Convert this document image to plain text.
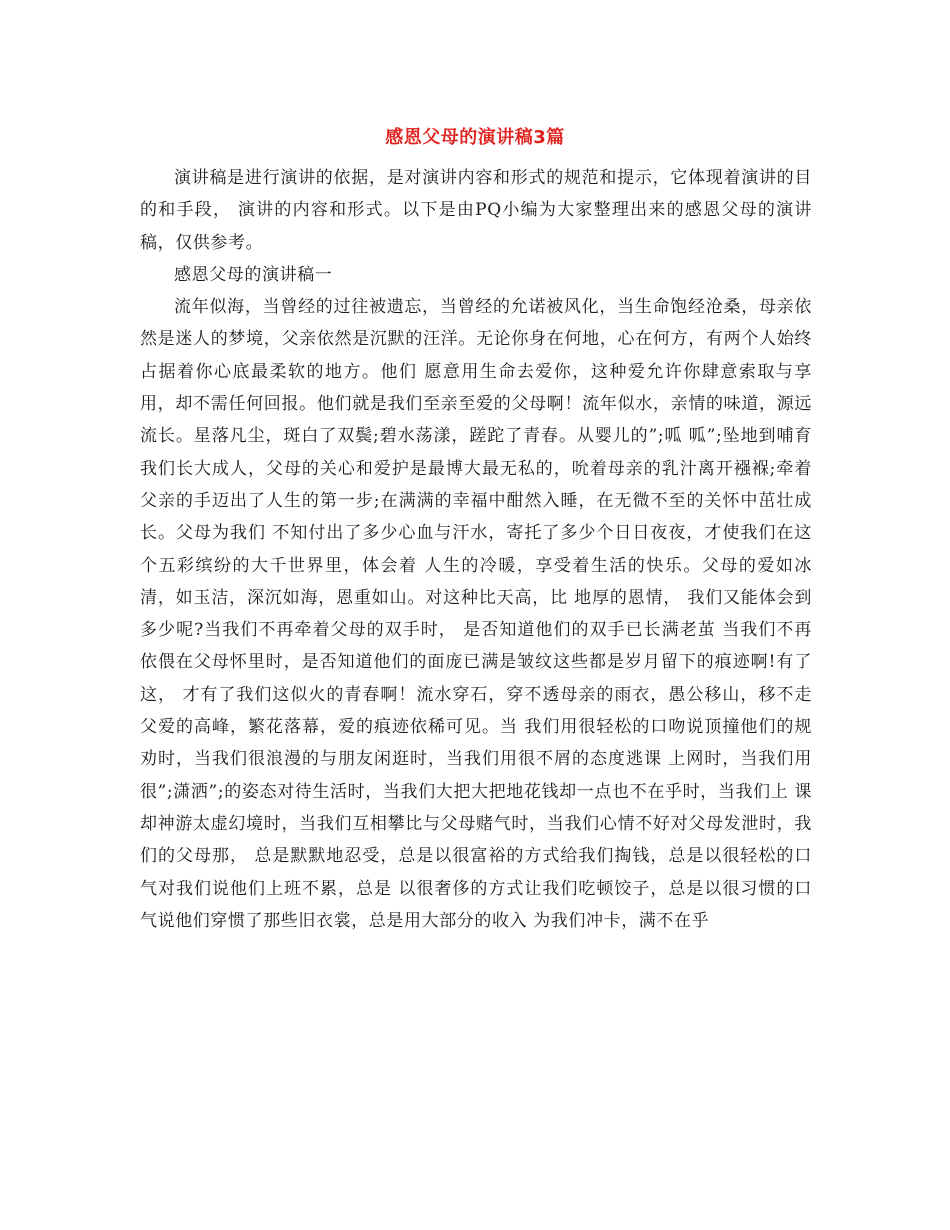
感恩父母的演讲稿3篇

演讲稿是进行演讲的依据，是对演讲内容和形式的规范和提示，它体现着演讲的目的和手段， 演讲的内容和形式。以下是由PQ小编为大家整理出来的感恩父母的演讲稿，仅供参考。

感恩父母的演讲稿一

流年似海，当曾经的过往被遗忘，当曾经的允诺被风化，当生命饱经沧桑，母亲依然是迷人的梦境，父亲依然是沉默的汪洋。无论你身在何地，心在何方，有两个人始终占据着你心底最柔软的地方。他们 愿意用生命去爱你，这种爱允许你肆意索取与享用，却不需任何回报。他们就是我们至亲至爱的父母啊！流年似水，亲情的味道，源远流长。星落凡尘，斑白了双鬓;碧水荡漾，蹉跎了青春。从婴儿的”;呱 呱”;坠地到哺育我们长大成人，父母的关心和爱护是最博大最无私的，吮着母亲的乳汁离开襁褓;牵着 父亲的手迈出了人生的第一步;在满满的幸福中酣然入睡，在无微不至的关怀中茁壮成长。父母为我们 不知付出了多少心血与汗水，寄托了多少个日日夜夜，才使我们在这个五彩缤纷的大千世界里，体会着 人生的冷暖，享受着生活的快乐。父母的爱如冰清，如玉洁，深沉如海，恩重如山。对这种比天高，比 地厚的恩情， 我们又能体会到多少呢?当我们不再牵着父母的双手时， 是否知道他们的双手已长满老茧 当我们不再依偎在父母怀里时，是否知道他们的面庞已满是皱纹这些都是岁月留下的痕迹啊!有了这， 才有了我们这似火的青春啊！流水穿石，穿不透母亲的雨衣，愚公移山，移不走父爱的高峰，繁花落幕，爱的痕迹依稀可见。当 我们用很轻松的口吻说顶撞他们的规劝时，当我们很浪漫的与朋友闲逛时，当我们用很不屑的态度逃课 上网时，当我们用很”;潇洒”;的姿态对待生活时，当我们大把大把地花钱却一点也不在乎时，当我们上 课却神游太虚幻境时，当我们互相攀比与父母赌气时，当我们心情不好对父母发泄时，我们的父母那， 总是默默地忍受，总是以很富裕的方式给我们掏钱，总是以很轻松的口气对我们说他们上班不累，总是 以很奢侈的方式让我们吃顿饺子，总是以很习惯的口气说他们穿惯了那些旧衣裳，总是用大部分的收入 为我们冲卡，满不在乎
